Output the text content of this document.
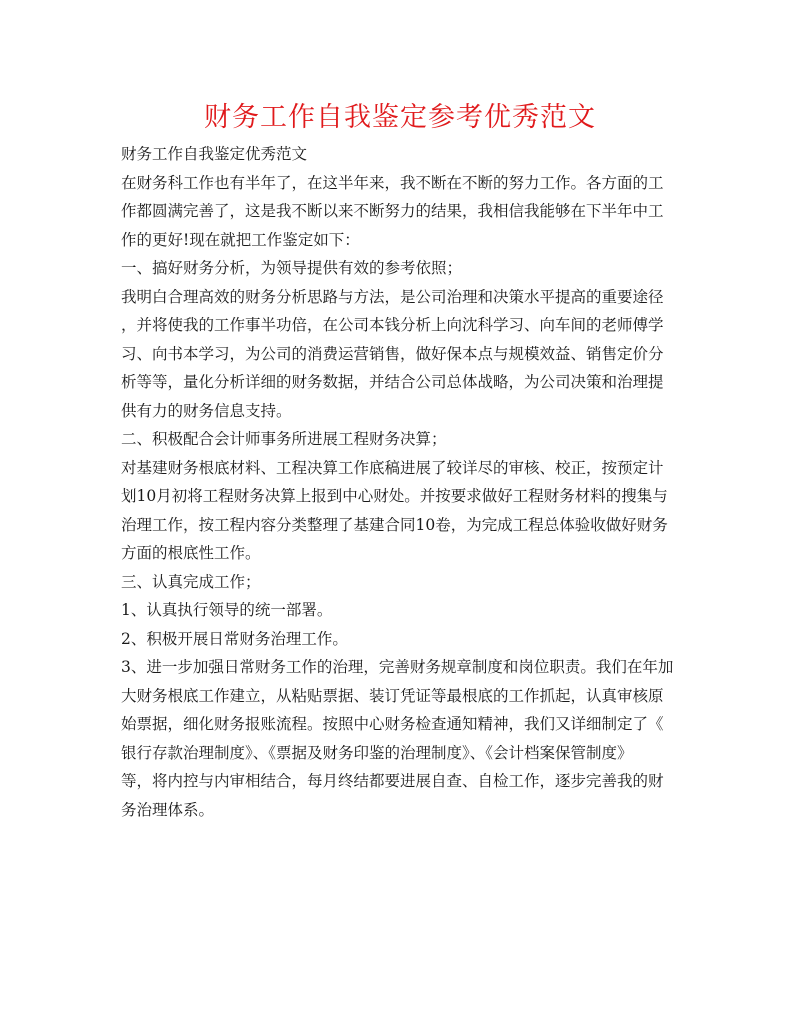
财务工作自我鉴定参考优秀范文
财务工作自我鉴定优秀范文
在财务科工作也有半年了，在这半年来，我不断在不断的努力工作。各方面的工
作都圆满完善了，这是我不断以来不断努力的结果，我相信我能够在下半年中工
作的更好!现在就把工作鉴定如下：
一、搞好财务分析，为领导提供有效的参考依照；
我明白合理高效的财务分析思路与方法，是公司治理和决策水平提高的重要途径
，并将使我的工作事半功倍，在公司本钱分析上向沈科学习、向车间的老师傅学
习、向书本学习，为公司的消费运营销售，做好保本点与规模效益、销售定价分
析等等，量化分析详细的财务数据，并结合公司总体战略，为公司决策和治理提
供有力的财务信息支持。
二、积极配合会计师事务所进展工程财务决算；
对基建财务根底材料、工程决算工作底稿进展了较详尽的审核、校正，按预定计
划10月初将工程财务决算上报到中心财处。并按要求做好工程财务材料的搜集与
治理工作，按工程内容分类整理了基建合同10卷，为完成工程总体验收做好财务
方面的根底性工作。
三、认真完成工作；
1、认真执行领导的统一部署。
2、积极开展日常财务治理工作。
3、进一步加强日常财务工作的治理，完善财务规章制度和岗位职责。我们在年加
大财务根底工作建立，从粘贴票据、装订凭证等最根底的工作抓起，认真审核原
始票据，细化财务报账流程。按照中心财务检查通知精神，我们又详细制定了《
银行存款治理制度》、《票据及财务印鉴的治理制度》、《会计档案保管制度》
等，将内控与内审相结合，每月终结都要进展自查、自检工作，逐步完善我的财
务治理体系。
